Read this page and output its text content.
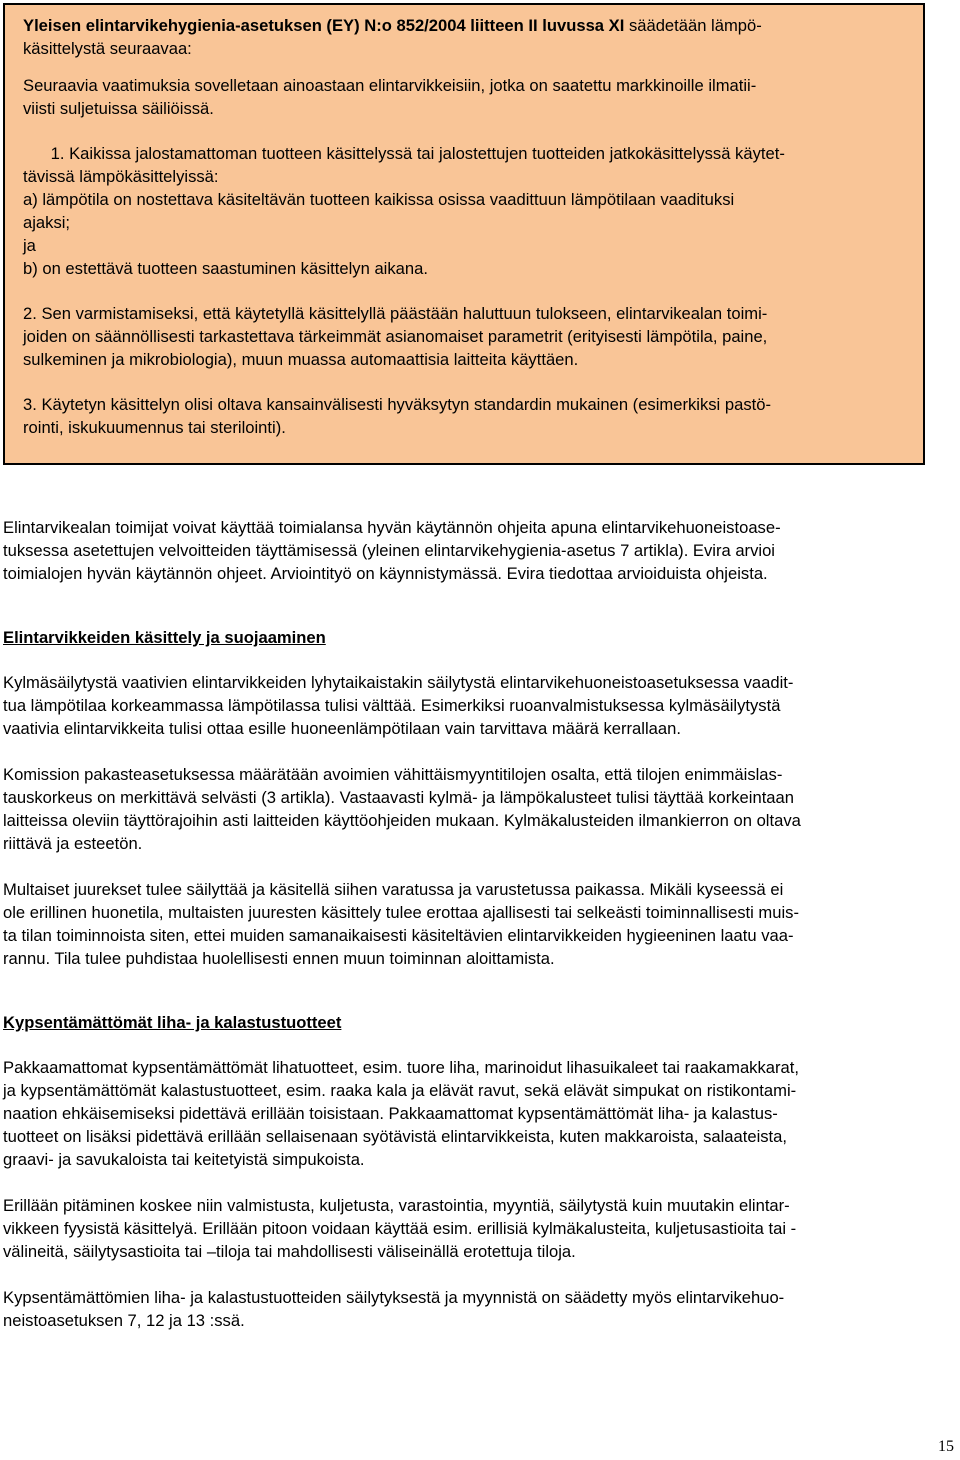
Yleisen elintarvikehygienia-asetuksen (EY) N:o 852/2004 liitteen II luvussa XI säädetään lämpö-
käsittelystä seuraavaa:
Seuraavia vaatimuksia sovelletaan ainoastaan elintarvikkeisiin, jotka on saatettu markkinoille ilmatii-
viisti suljetuissa säiliöissä.
1. Kaikissa jalostamattoman tuotteen käsittelyssä tai jalostettujen tuotteiden jatkokäsittelyssä käytet-
tävissä lämpökäsittelyissä:
a) lämpötila on nostettava käsiteltävän tuotteen kaikissa osissa vaadittuun lämpötilaan vaadituksi
ajaksi;
ja
b) on estettävä tuotteen saastuminen käsittelyn aikana.
2. Sen varmistamiseksi, että käytetyllä käsittelyllä päästään haluttuun tulokseen, elintarvikealan toimi-
joiden on säännöllisesti tarkastettava tärkeimmät asianomaiset parametrit (erityisesti lämpötila, paine,
sulkeminen ja mikrobiologia), muun muassa automaattisia laitteita käyttäen.
3. Käytetyn käsittelyn olisi oltava kansainvälisesti hyväksytyn standardin mukainen (esimerkiksi pastö-
rointi, iskukuumennus tai sterilointi).
Elintarvikealan toimijat voivat käyttää toimialansa hyvän käytännön ohjeita apuna elintarvikehuoneistoase-
tuksessa asetettujen velvoitteiden täyttämisessä (yleinen elintarvikehygienia-asetus 7 artikla). Evira arvioi
toimialojen hyvän käytännön ohjeet. Arviointityö on käynnistymässä. Evira tiedottaa arvioiduista ohjeista.
Elintarvikkeiden käsittely ja suojaaminen
Kylmäsäilytystä vaativien elintarvikkeiden lyhytaikaistakin säilytystä elintarvikehuoneistoasetuksessa vaadit-
tua lämpötilaa korkeammassa lämpötilassa tulisi välttää. Esimerkiksi ruoanvalmistuksessa kylmäsäilytystä
vaativia elintarvikkeita tulisi ottaa esille huoneenlämpötilaan vain tarvittava määrä kerrallaan.
Komission pakasteasetuksessa määrätään avoimien vähittäismyyntitilojen osalta, että tilojen enimmäislas-
tauskorkeus on merkittävä selvästi (3 artikla). Vastaavasti kylmä- ja lämpökalusteet tulisi täyttää korkeintaan
laitteissa oleviin täyttörajoihin asti laitteiden käyttöohjeiden mukaan. Kylmäkalusteiden ilmankierron on oltava
riittävä ja esteetön.
Multaiset juurekset tulee säilyttää ja käsitellä siihen varatussa ja varustetussa paikassa. Mikäli kyseessä ei
ole erillinen huonetila, multaisten juuresten käsittely tulee erottaa ajallisesti tai selkeästi toiminnallisesti muis-
ta tilan toiminnoista siten, ettei muiden samanaikaisesti käsiteltävien elintarvikkeiden hygieeninen laatu vaa-
rannu. Tila tulee puhdistaa huolellisesti ennen muun toiminnan aloittamista.
Kypsentämättömät liha- ja kalastustuotteet
Pakkaamattomat kypsentämättömät lihatuotteet, esim. tuore liha, marinoidut lihasuikaleet tai raakamakkarat,
ja kypsentämättömät kalastustuotteet, esim. raaka kala ja elävät ravut, sekä elävät simpukat on ristikontami-
naation ehkäisemiseksi pidettävä erillään toisistaan. Pakkaamattomat kypsentämättömät liha- ja kalastus-
tuotteet on lisäksi pidettävä erillään sellaisenaan syötävistä elintarvikkeista, kuten makkaroista, salaateista,
graavi- ja savukaloista tai keitetyistä simpukoista.
Erillään pitäminen koskee niin valmistusta, kuljetusta, varastointia, myyntiä, säilytystä kuin muutakin elintar-
vikkeen fyysistä käsittelyä. Erillään pitoon voidaan käyttää esim. erillisiä kylmäkalusteita, kuljetusastioita tai -
välineitä, säilytysastioita tai –tiloja tai mahdollisesti väliseinällä erotettuja tiloja.
Kypsentämättömien liha- ja kalastustuotteiden säilytyksestä ja myynnistä on säädetty myös elintarvikehuo-
neistoasetuksen 7, 12 ja 13 :ssä.
15
